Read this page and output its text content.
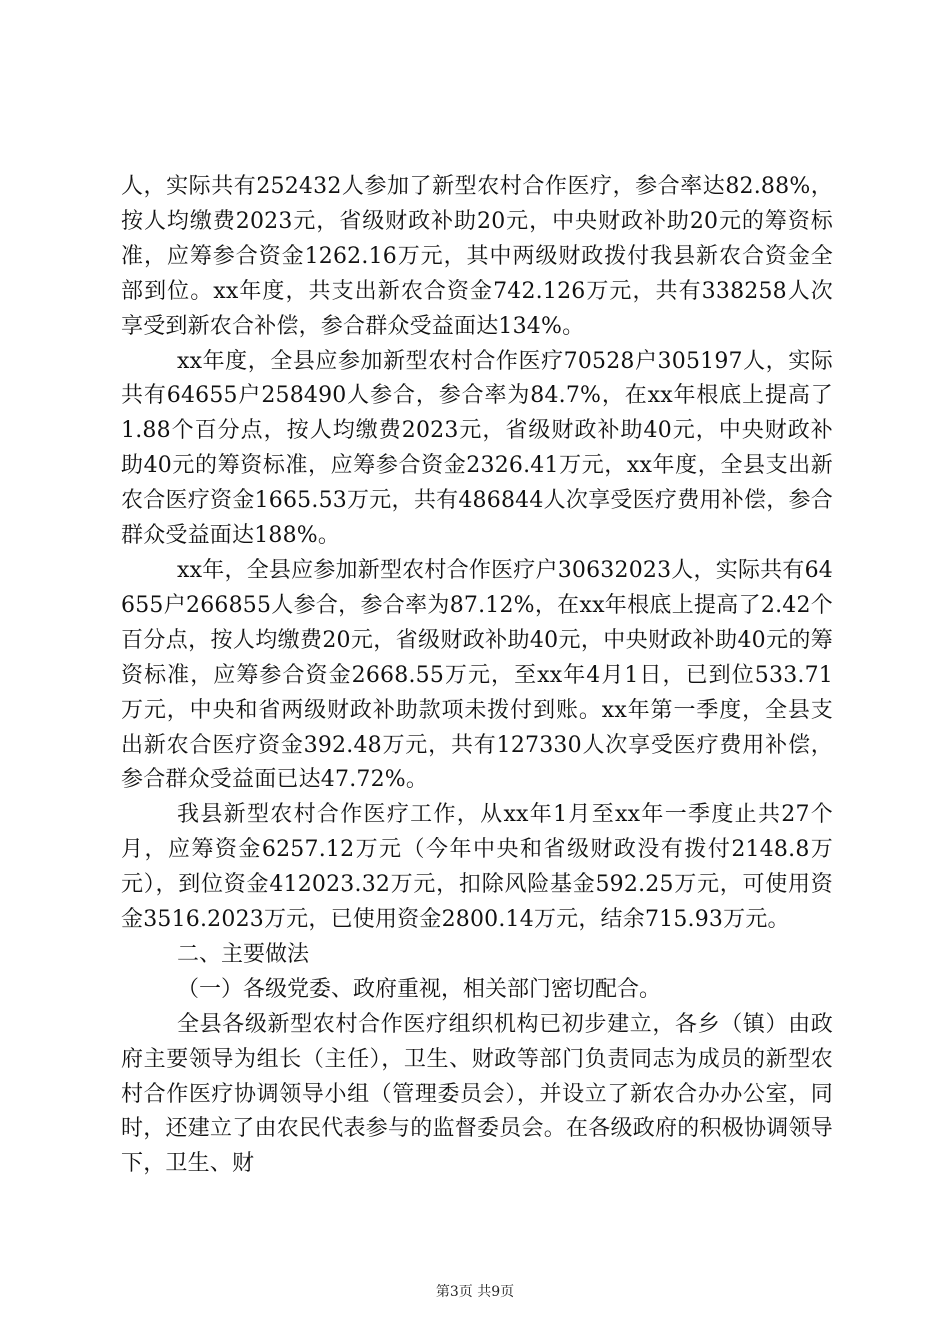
人，实际共有252432人参加了新型农村合作医疗，参合率达82.88%，按人均缴费2023元，省级财政补助20元，中央财政补助20元的筹资标准，应筹参合资金1262.16万元，其中两级财政拨付我县新农合资金全部到位。xx年度，共支出新农合资金742.126万元，共有338258人次享受到新农合补偿，参合群众受益面达134%。

xx年度，全县应参加新型农村合作医疗70528户305197人，实际共有64655户258490人参合，参合率为84.7%，在xx年根底上提高了1.88个百分点，按人均缴费2023元，省级财政补助40元，中央财政补助40元的筹资标准，应筹参合资金2326.41万元，xx年度，全县支出新农合医疗资金1665.53万元，共有486844人次享受医疗费用补偿，参合群众受益面达188%。

xx年，全县应参加新型农村合作医疗户30632023人，实际共有64655户266855人参合，参合率为87.12%，在xx年根底上提高了2.42个百分点，按人均缴费20元，省级财政补助40元，中央财政补助40元的筹资标准，应筹参合资金2668.55万元，至xx年4月1日，已到位533.71万元，中央和省两级财政补助款项未拨付到账。xx年第一季度，全县支出新农合医疗资金392.48万元，共有127330人次享受医疗费用补偿，参合群众受益面已达47.72%。

我县新型农村合作医疗工作，从xx年1月至xx年一季度止共27个月，应筹资金6257.12万元（今年中央和省级财政没有拨付2148.8万元），到位资金412023.32万元，扣除风险基金592.25万元，可使用资金3516.2023万元，已使用资金2800.14万元，结余715.93万元。

二、主要做法

（一）各级党委、政府重视，相关部门密切配合。

全县各级新型农村合作医疗组织机构已初步建立，各乡（镇）由政府主要领导为组长（主任），卫生、财政等部门负责同志为成员的新型农村合作医疗协调领导小组（管理委员会），并设立了新农合办办公室，同时，还建立了由农民代表参与的监督委员会。在各级政府的积极协调领导下，卫生、财

第3页 共9页
